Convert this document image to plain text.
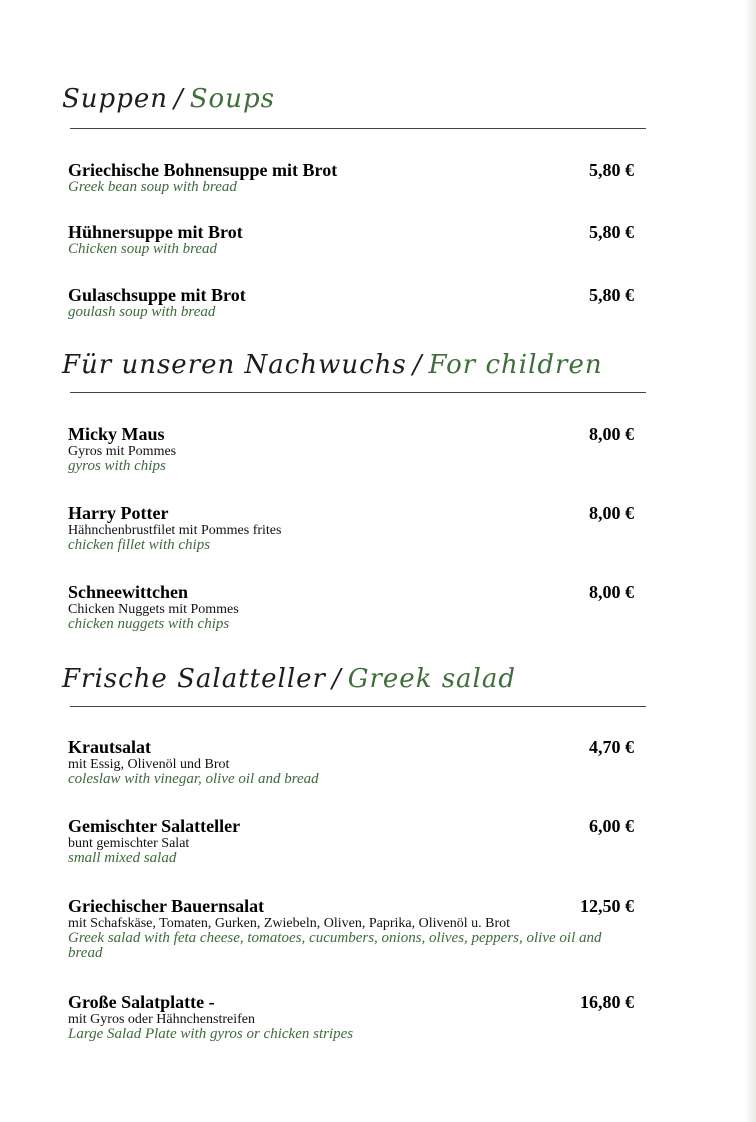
Suppen / Soups
Griechische Bohnensuppe mit Brot
Greek bean soup with bread
5,80 €
Hühnersuppe mit Brot
Chicken soup with bread
5,80 €
Gulaschsuppe mit Brot
goulash soup with bread
5,80 €
Für unseren Nachwuchs / For children
Micky Maus
Gyros mit Pommes
gyros with chips
8,00 €
Harry Potter
Hähnchenbrustfilet mit Pommes frites
chicken fillet with chips
8,00 €
Schneewittchen
Chicken Nuggets mit Pommes
chicken nuggets with chips
8,00 €
Frische Salatteller / Greek salad
Krautsalat
mit Essig, Olivenöl und Brot
coleslaw with vinegar, olive oil and bread
4,70 €
Gemischter Salatteller
bunt gemischter Salat
small mixed salad
6,00 €
Griechischer Bauernsalat
mit Schafskäse, Tomaten, Gurken, Zwiebeln, Oliven, Paprika, Olivenöl u. Brot
Greek salad with feta cheese, tomatoes, cucumbers, onions, olives, peppers, olive oil and bread
12,50 €
Große Salatplatte -
mit Gyros oder Hähnchenstreifen
Large Salad Plate with gyros or chicken stripes
16,80 €
